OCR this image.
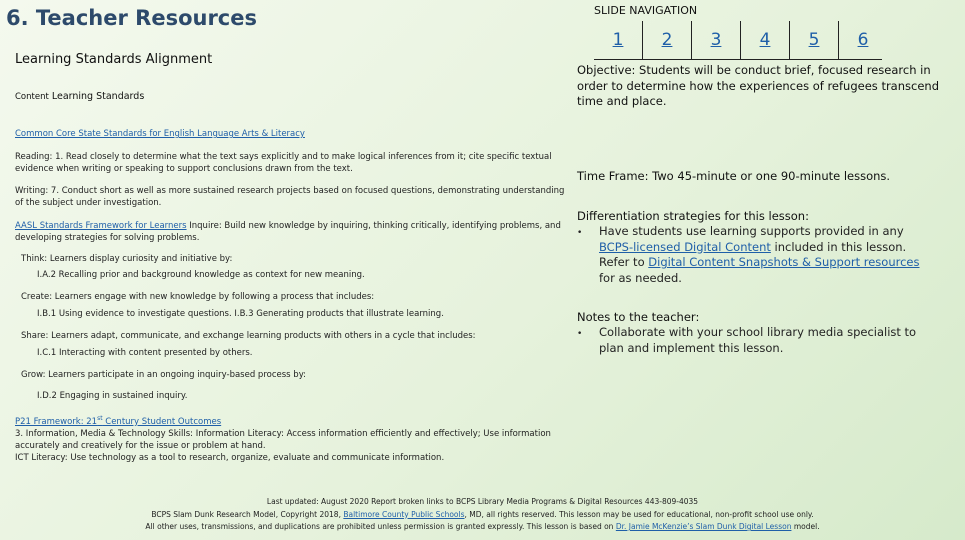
6. Teacher Resources
Learning Standards Alignment
Content Learning Standards
Common Core State Standards for English Language Arts & Literacy
Reading: 1. Read closely to determine what the text says explicitly and to make logical inferences from it; cite specific textual evidence when writing or speaking to support conclusions drawn from the text.
Writing: 7. Conduct short as well as more sustained research projects based on focused questions, demonstrating understanding of the subject under investigation.
AASL Standards Framework for Learners Inquire: Build new knowledge by inquiring, thinking critically, identifying problems, and developing strategies for solving problems.
Think: Learners display curiosity and initiative by:
I.A.2 Recalling prior and background knowledge as context for new meaning.
Create: Learners engage with new knowledge by following a process that includes:
I.B.1 Using evidence to investigate questions. I.B.3 Generating products that illustrate learning.
Share: Learners adapt, communicate, and exchange learning products with others in a cycle that includes:
I.C.1 Interacting with content presented by others.
Grow: Learners participate in an ongoing inquiry-based process by:
I.D.2 Engaging in sustained inquiry.
P21 Framework: 21st Century Student Outcomes
3. Information, Media & Technology Skills: Information Literacy: Access information efficiently and effectively; Use information accurately and creatively for the issue or problem at hand.
ICT Literacy: Use technology as a tool to research, organize, evaluate and communicate information.
SLIDE NAVIGATION
1	2	3	4	5	6
Objective: Students will be conduct brief, focused research in order to determine how the experiences of refugees transcend time and place.
Time Frame: Two 45-minute or one 90-minute lessons.
Differentiation strategies for this lesson:
•	Have students use learning supports provided in any BCPS-licensed Digital Content included in this lesson. Refer to Digital Content Snapshots & Support resources for as needed.
Notes to the teacher:
•	Collaborate with your school library media specialist to plan and implement this lesson.
Last updated: August 2020 Report broken links to BCPS Library Media Programs & Digital Resources 443-809-4035
BCPS Slam Dunk Research Model, Copyright 2018, Baltimore County Public Schools, MD, all rights reserved. This lesson may be used for educational, non-profit school use only.
All other uses, transmissions, and duplications are prohibited unless permission is granted expressly. This lesson is based on Dr. Jamie McKenzie’s Slam Dunk Digital Lesson model.
